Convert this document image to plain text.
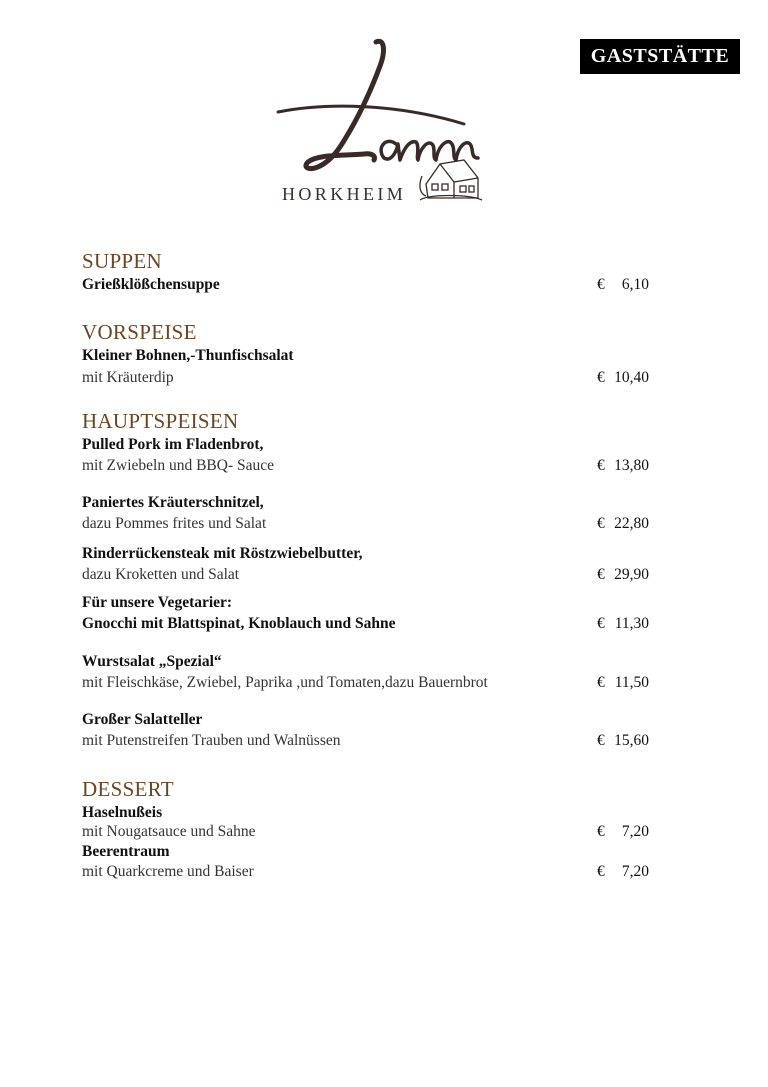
GASTSTÄTTE
HORKHEIM
SUPPEN
Grießklößchensuppe	€ 6,10
VORSPEISE
Kleiner Bohnen,-Thunfischsalat
mit Kräuterdip	€ 10,40
HAUPTSPEISEN
Pulled Pork im Fladenbrot,
mit Zwiebeln und BBQ- Sauce	€ 13,80
Paniertes Kräuterschnitzel,
dazu Pommes frites und Salat	€ 22,80
Rinderrückensteak mit Röstzwiebelbutter,
dazu Kroketten und Salat	€ 29,90
Für unsere Vegetarier:
Gnocchi mit Blattspinat, Knoblauch und Sahne	€ 11,30
Wurstsalat „Spezial“
mit Fleischkäse, Zwiebel, Paprika ,und Tomaten,dazu Bauernbrot	€ 11,50
Großer Salatteller
mit Putenstreifen Trauben und Walnüssen	€ 15,60
DESSERT
Haselnußeis
mit Nougatsauce und Sahne	€ 7,20
Beerentraum
mit Quarkcreme und Baiser	€ 7,20
